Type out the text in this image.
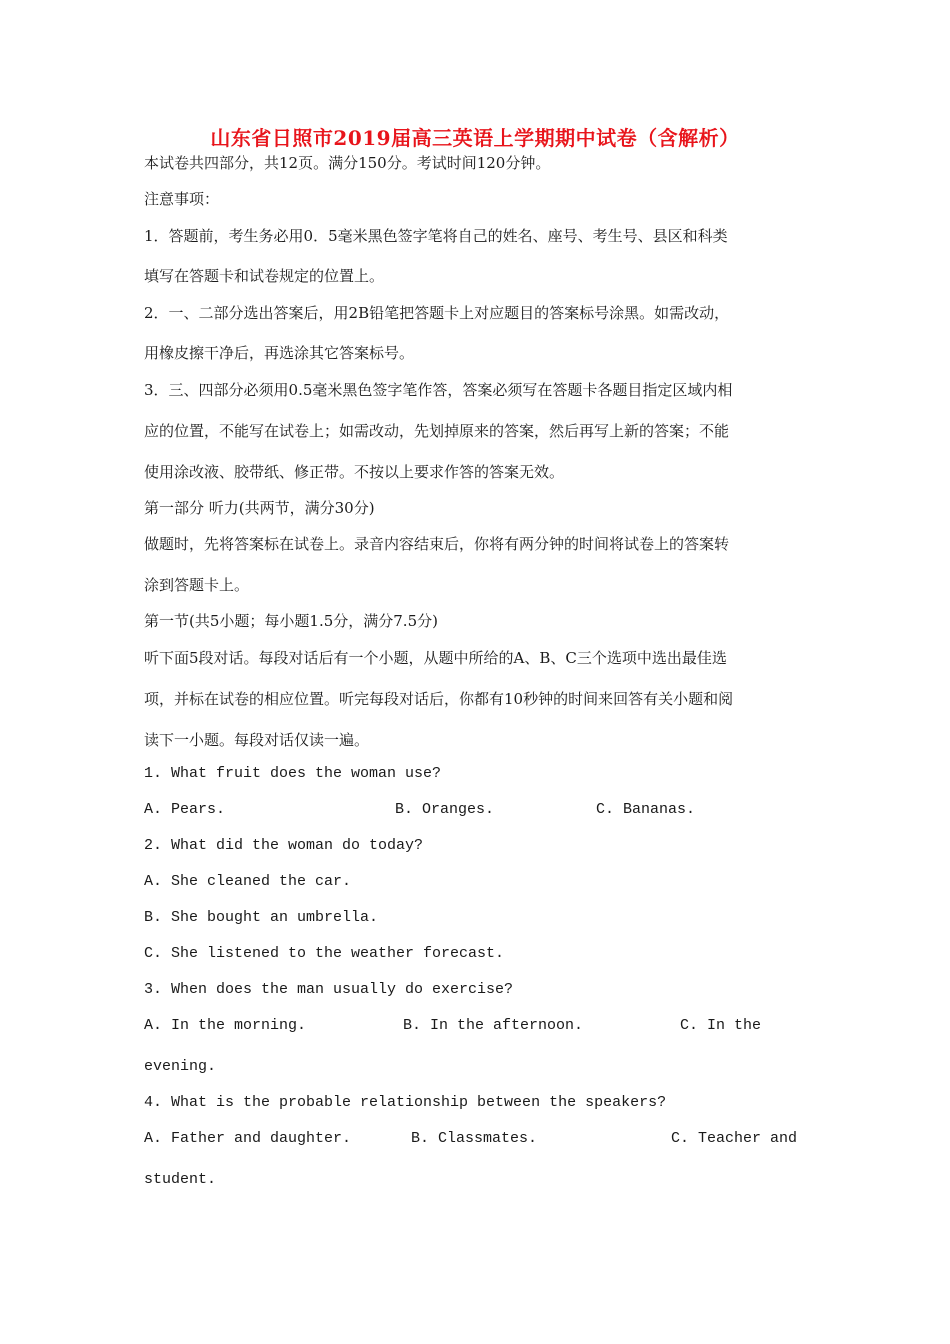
山东省日照市2019届高三英语上学期期中试卷（含解析）
本试卷共四部分，共12页。满分150分。考试时间120分钟。
注意事项：
1．答题前，考生务必用0．5毫米黑色签字笔将自己的姓名、座号、考生号、县区和科类
填写在答题卡和试卷规定的位置上。
2．一、二部分选出答案后，用2B铅笔把答题卡上对应题目的答案标号涂黑。如需改动，
用橡皮擦干净后，再选涂其它答案标号。
3．三、四部分必须用0.5毫米黑色签字笔作答，答案必须写在答题卡各题目指定区域内相
应的位置，不能写在试卷上；如需改动，先划掉原来的答案，然后再写上新的答案；不能
使用涂改液、胶带纸、修正带。不按以上要求作答的答案无效。
第一部分 听力(共两节，满分30分)
做题时，先将答案标在试卷上。录音内容结束后，你将有两分钟的时间将试卷上的答案转
涂到答题卡上。
第一节(共5小题；每小题1.5分，满分7.5分)
听下面5段对话。每段对话后有一个小题，从题中所给的A、B、C三个选项中选出最佳选
项，并标在试卷的相应位置。听完每段对话后，你都有10秒钟的时间来回答有关小题和阅
读下一小题。每段对话仅读一遍。
1. What fruit does the woman use?
A. Pears.	B. Oranges.	C. Bananas.
2. What did the woman do today?
A. She cleaned the car.
B. She bought an umbrella.
C. She listened to the weather forecast.
3. When does the man usually do exercise?
A. In the morning.	B. In the afternoon.	C. In the
evening.
4. What is the probable relationship between the speakers?
A. Father and daughter.	B. Classmates.	C. Teacher and
student.
